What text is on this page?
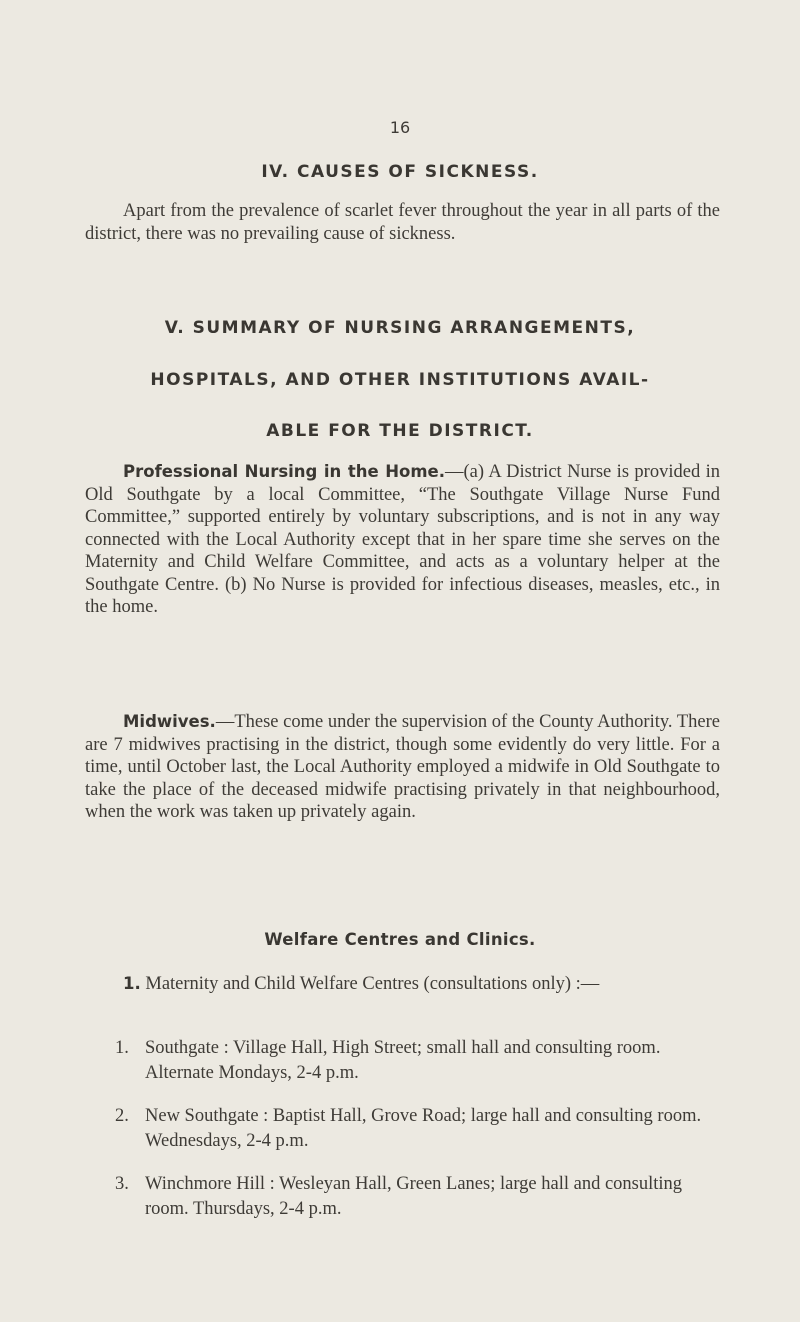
16
IV. CAUSES OF SICKNESS.
Apart from the prevalence of scarlet fever throughout the year in all parts of the district, there was no prevailing cause of sickness.
V. SUMMARY OF NURSING ARRANGEMENTS,
HOSPITALS, AND OTHER INSTITUTIONS AVAIL-
ABLE FOR THE DISTRICT.
Professional Nursing in the Home.—(a) A District Nurse is provided in Old Southgate by a local Committee, “The Southgate Village Nurse Fund Committee,” supported entirely by voluntary subscriptions, and is not in any way connected with the Local Authority except that in her spare time she serves on the Maternity and Child Welfare Committee, and acts as a voluntary helper at the Southgate Centre. (b) No Nurse is provided for infectious diseases, measles, etc., in the home.
Midwives.—These come under the supervision of the County Authority. There are 7 midwives practising in the district, though some evidently do very little. For a time, until October last, the Local Authority employed a midwife in Old Southgate to take the place of the deceased midwife practising privately in that neighbourhood, when the work was taken up privately again.
Welfare Centres and Clinics.
1. Maternity and Child Welfare Centres (consultations only) :—
1. Southgate : Village Hall, High Street; small hall and consulting room. Alternate Mondays, 2-4 p.m.
2. New Southgate : Baptist Hall, Grove Road; large hall and consulting room. Wednesdays, 2-4 p.m.
3. Winchmore Hill : Wesleyan Hall, Green Lanes; large hall and consulting room. Thursdays, 2-4 p.m.
